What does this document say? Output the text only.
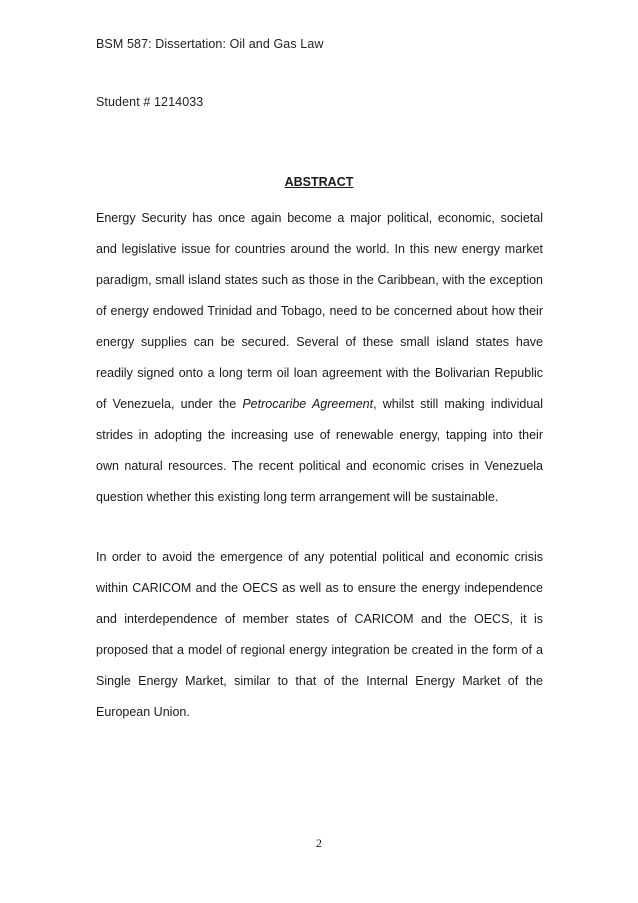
BSM 587: Dissertation: Oil and Gas Law
Student # 1214033
ABSTRACT

Energy Security has once again become a major political, economic, societal and legislative issue for countries around the world. In this new energy market paradigm, small island states such as those in the Caribbean, with the exception of energy endowed Trinidad and Tobago, need to be concerned about how their energy supplies can be secured. Several of these small island states have readily signed onto a long term oil loan agreement with the Bolivarian Republic of Venezuela, under the Petrocaribe Agreement, whilst still making individual strides in adopting the increasing use of renewable energy, tapping into their own natural resources. The recent political and economic crises in Venezuela question whether this existing long term arrangement will be sustainable.

In order to avoid the emergence of any potential political and economic crisis within CARICOM and the OECS as well as to ensure the energy independence and interdependence of member states of CARICOM and the OECS, it is proposed that a model of regional energy integration be created in the form of a Single Energy Market, similar to that of the Internal Energy Market of the European Union.

2
